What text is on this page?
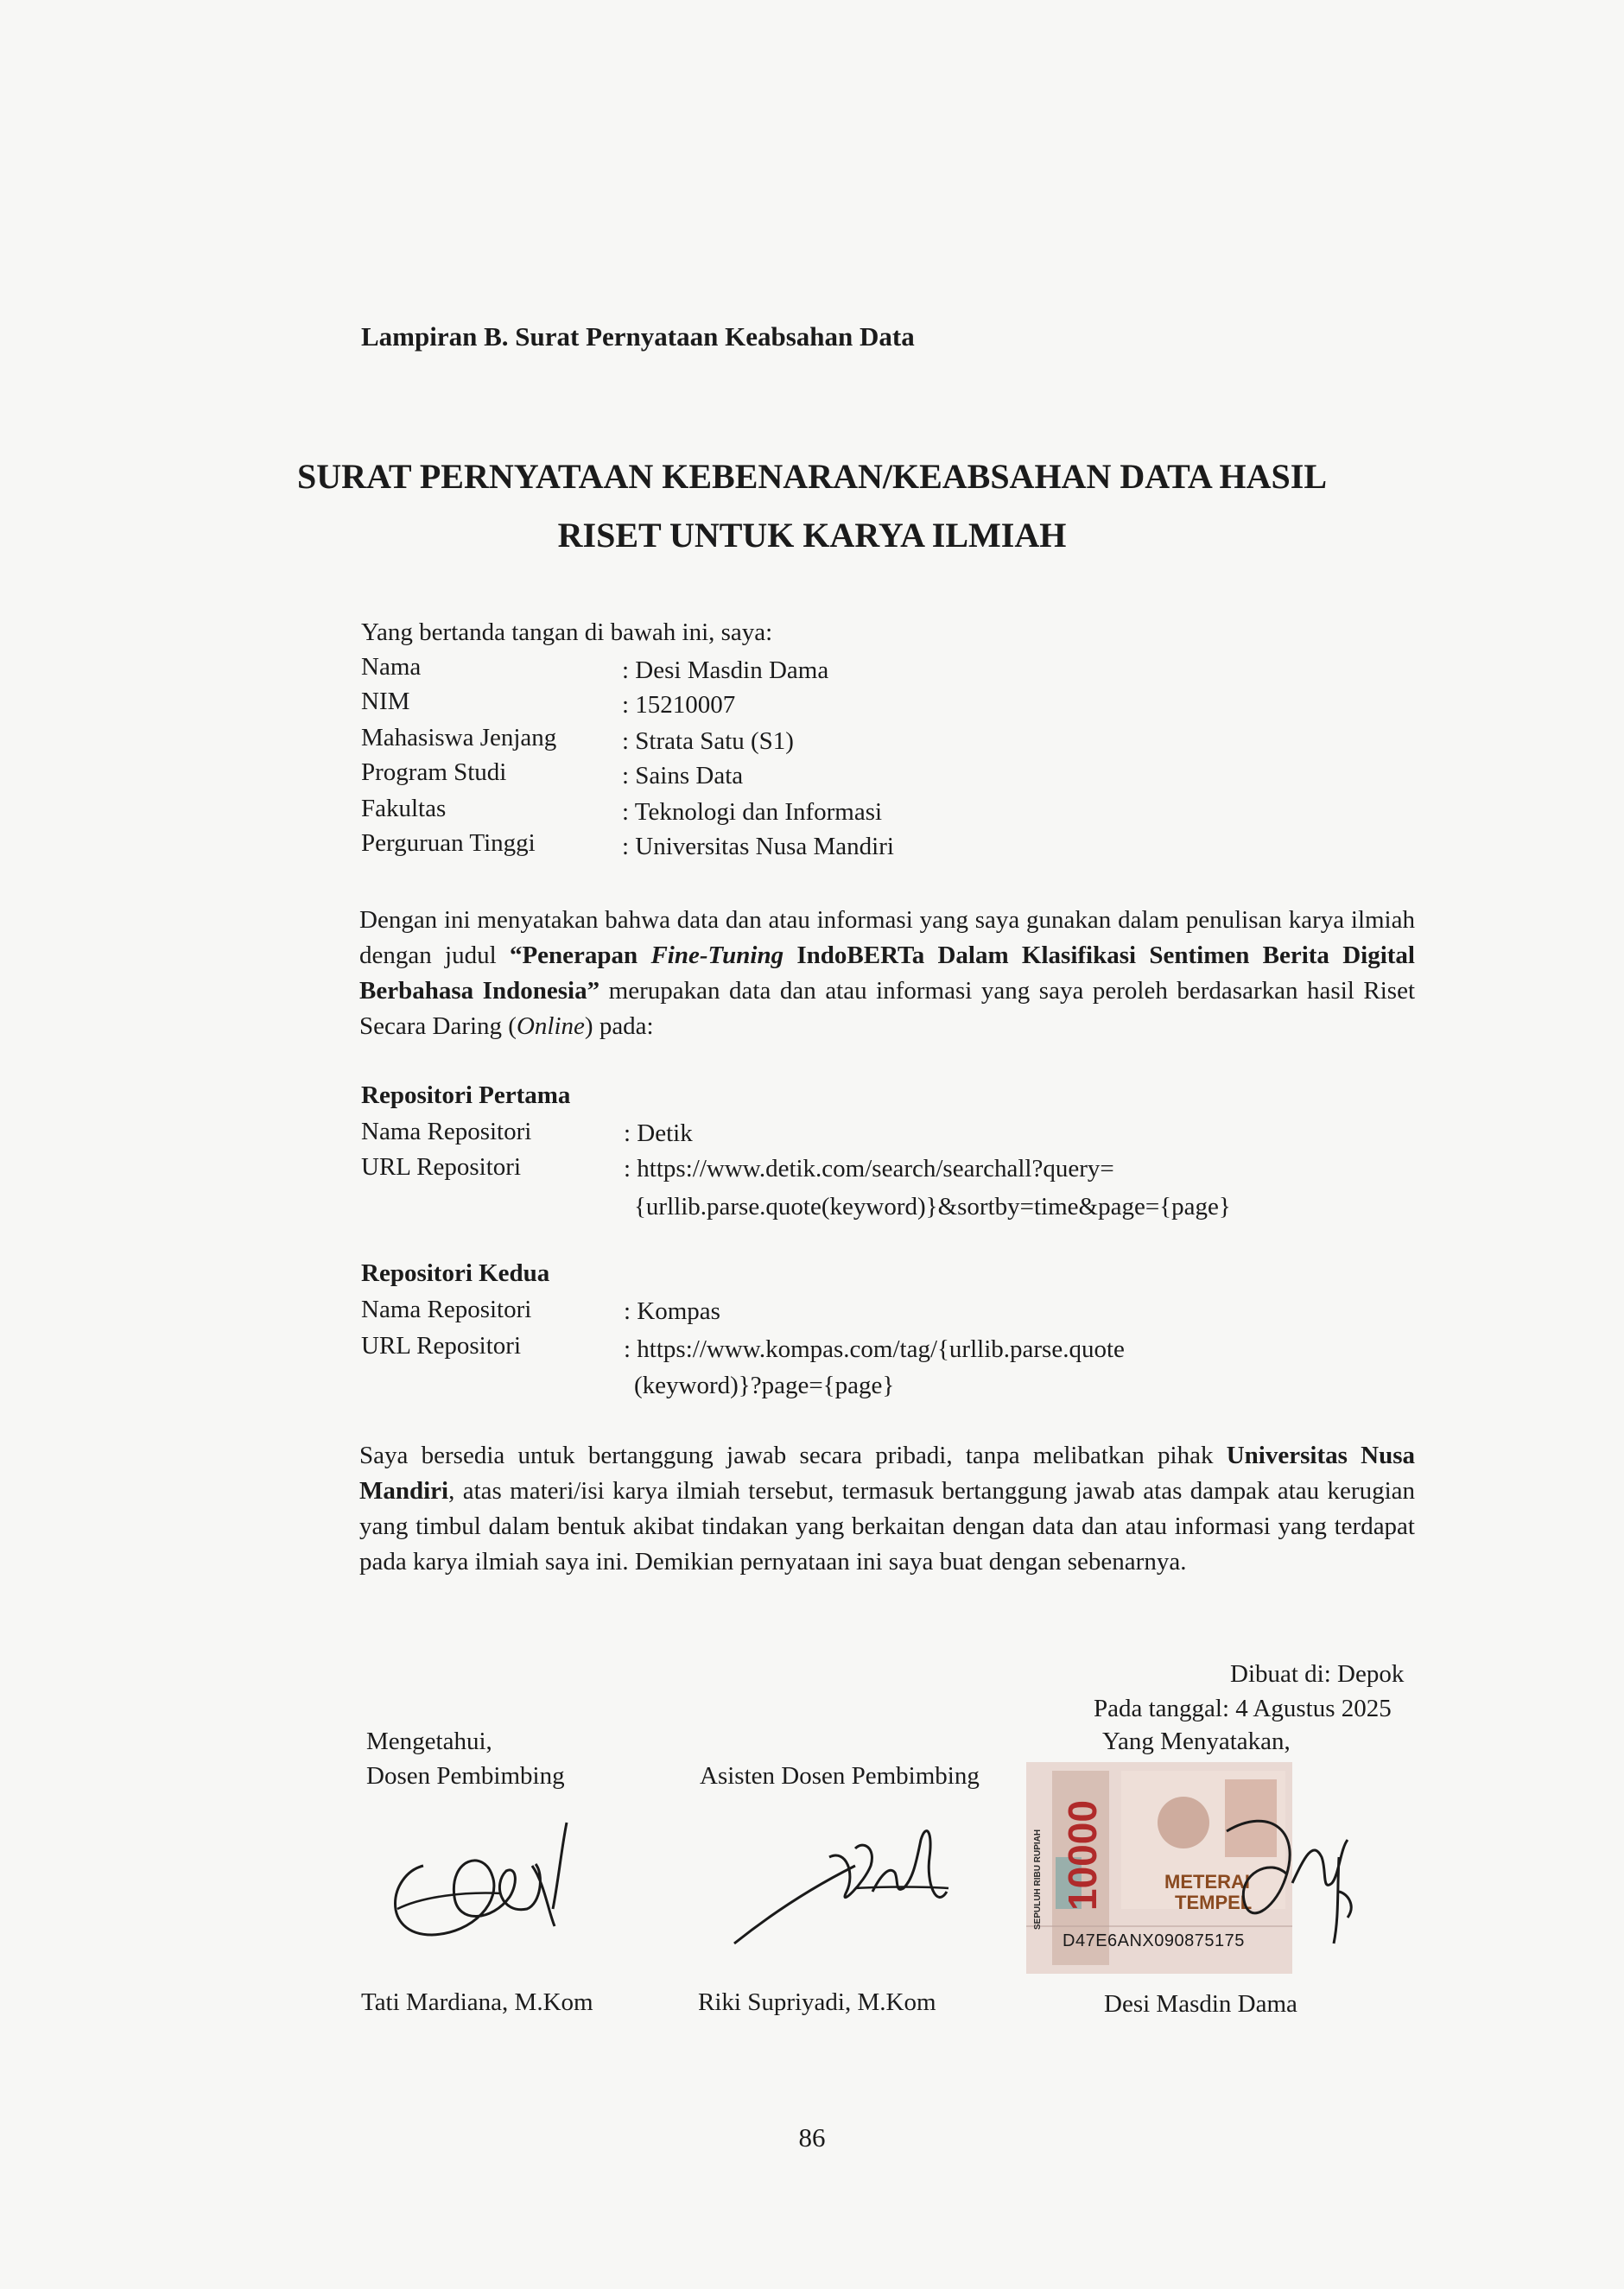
Lampiran B. Surat Pernyataan Keabsahan Data
SURAT PERNYATAAN KEBENARAN/KEABSAHAN DATA HASIL
RISET UNTUK KARYA ILMIAH
Yang bertanda tangan di bawah ini, saya:
Nama	: Desi Masdin Dama
NIM	: 15210007
Mahasiswa Jenjang	: Strata Satu (S1)
Program Studi	: Sains Data
Fakultas	: Teknologi dan Informasi
Perguruan Tinggi	: Universitas Nusa Mandiri
Dengan ini menyatakan bahwa data dan atau informasi yang saya gunakan dalam penulisan karya ilmiah dengan judul “Penerapan Fine-Tuning IndoBERTa Dalam Klasifikasi Sentimen Berita Digital Berbahasa Indonesia” merupakan data dan atau informasi yang saya peroleh berdasarkan hasil Riset Secara Daring (Online) pada:
Repositori Pertama
Nama Repositori	: Detik
URL Repositori	: https://www.detik.com/search/searchall?query=
{urllib.parse.quote(keyword)}&sortby=time&page={page}
Repositori Kedua
Nama Repositori	: Kompas
URL Repositori	: https://www.kompas.com/tag/{urllib.parse.quote
(keyword)}?page={page}
Saya bersedia untuk bertanggung jawab secara pribadi, tanpa melibatkan pihak Universitas Nusa Mandiri, atas materi/isi karya ilmiah tersebut, termasuk bertanggung jawab atas dampak atau kerugian yang timbul dalam bentuk akibat tindakan yang berkaitan dengan data dan atau informasi yang terdapat pada karya ilmiah saya ini. Demikian pernyataan ini saya buat dengan sebenarnya.
Dibuat di: Depok
Pada tanggal: 4 Agustus 2025
Mengetahui,
Dosen Pembimbing	Asisten Dosen Pembimbing
Yang Menyatakan,
SEPULUH RIBU RUPIAH 10000	METERAI
TEMPEL
D47E6ANX090875175
Tati Mardiana, M.Kom	Riki Supriyadi, M.Kom	Desi Masdin Dama
86
